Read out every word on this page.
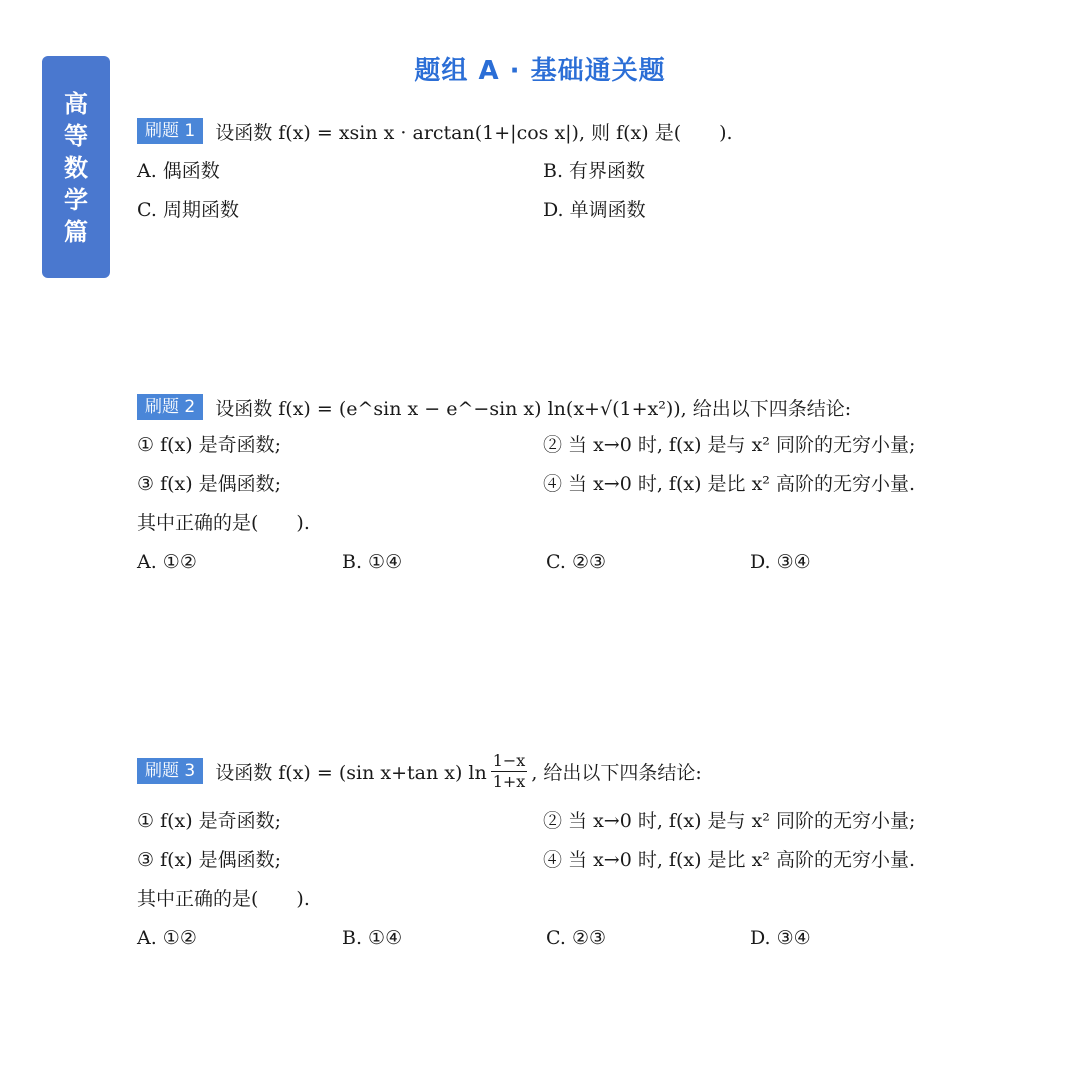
高
等
数
学
篇
题组 A · 基础通关题
刷题 1	设函数 f(x) = xsin x · arctan(1+|cos x|), 则 f(x) 是(　　).
A. 偶函数	B. 有界函数
C. 周期函数	D. 单调函数
刷题 2	设函数 f(x) = (e^sin x − e^−sin x) ln(x+√(1+x²)), 给出以下四条结论:
① f(x) 是奇函数;	② 当 x→0 时, f(x) 是与 x² 同阶的无穷小量;
③ f(x) 是偶函数;	④ 当 x→0 时, f(x) 是比 x² 高阶的无穷小量.
其中正确的是(　　).
A. ①②	B. ①④	C. ②③	D. ③④
刷题 3	设函数 f(x) = (sin x+tan x) $\ln \frac{1-x}{1+x}$ , 给出以下四条结论:
① f(x) 是奇函数;	② 当 x→0 时, f(x) 是与 x² 同阶的无穷小量;
③ f(x) 是偶函数;	④ 当 x→0 时, f(x) 是比 x² 高阶的无穷小量.
其中正确的是(　　).
A. ①②	B. ①④	C. ②③	D. ③④
